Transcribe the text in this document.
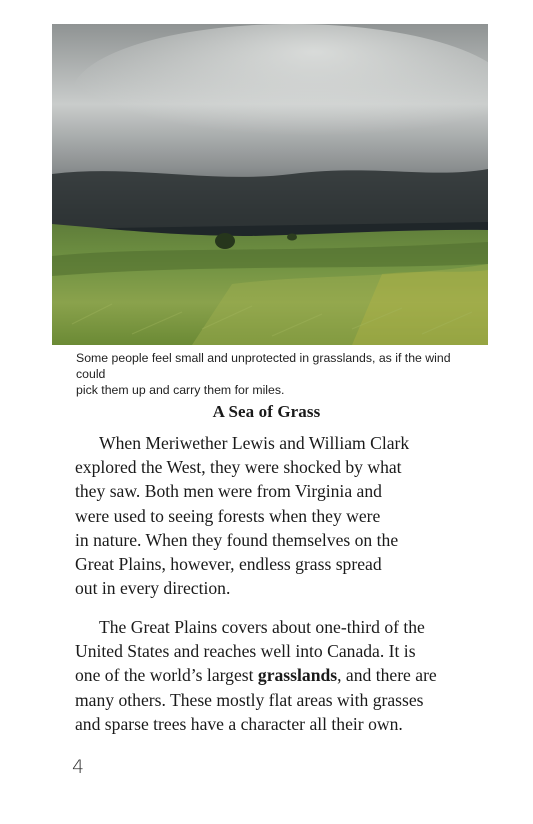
Some people feel small and unprotected in grasslands, as if the wind could
pick them up and carry them for miles.
A Sea of Grass
When Meriwether Lewis and William Clark
explored the West, they were shocked by what
they saw. Both men were from Virginia and
were used to seeing forests when they were
in nature. When they found themselves on the
Great Plains, however, endless grass spread
out in every direction.
The Great Plains covers about one-third of the
United States and reaches well into Canada. It is
one of the world’s largest grasslands, and there are
many others. These mostly flat areas with grasses
and sparse trees have a character all their own.
4
